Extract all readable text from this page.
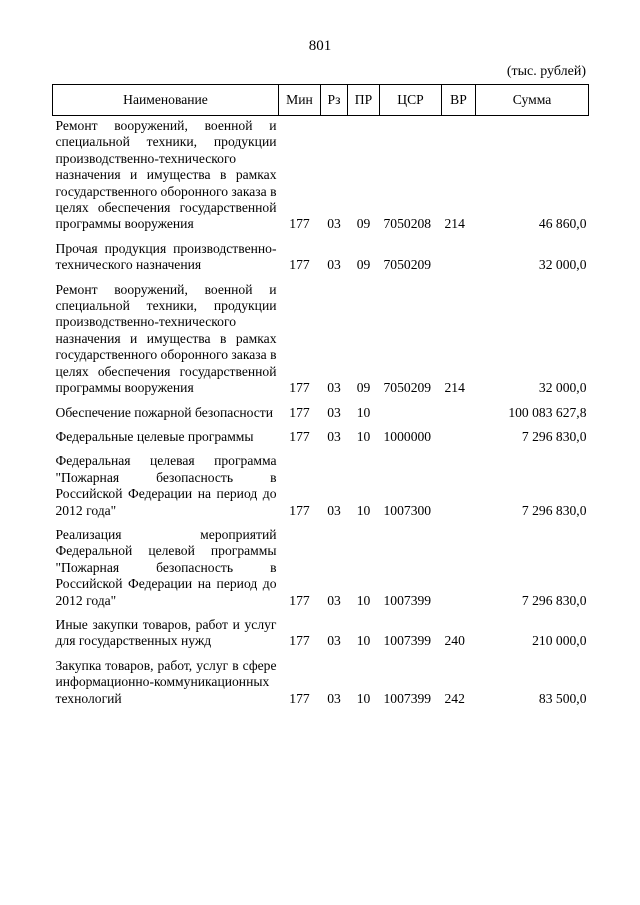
801
(тыс. рублей)
Наименование	Мин	Рз	ПР	ЦСР	ВР	Сумма
Ремонт вооружений, военной и специальной техники, продукции производственно-технического назначения и имущества в рамках государственного оборонного заказа в целях обеспечения государственной программы вооружения	177	03	09	7050208	214	46 860,0
Прочая продукция производственно-технического назначения	177	03	09	7050209		32 000,0
Ремонт вооружений, военной и специальной техники, продукции производственно-технического назначения и имущества в рамках государственного оборонного заказа в целях обеспечения государственной программы вооружения	177	03	09	7050209	214	32 000,0
Обеспечение пожарной безопасности	177	03	10			100 083 627,8
Федеральные целевые программы	177	03	10	1000000		7 296 830,0
Федеральная целевая программа "Пожарная безопасность в Российской Федерации на период до 2012 года"	177	03	10	1007300		7 296 830,0
Реализация мероприятий Федеральной целевой программы "Пожарная безопасность в Российской Федерации на период до 2012 года"	177	03	10	1007399		7 296 830,0
Иные закупки товаров, работ и услуг для государственных нужд	177	03	10	1007399	240	210 000,0
Закупка товаров, работ, услуг в сфере информационно-коммуникационных технологий	177	03	10	1007399	242	83 500,0
